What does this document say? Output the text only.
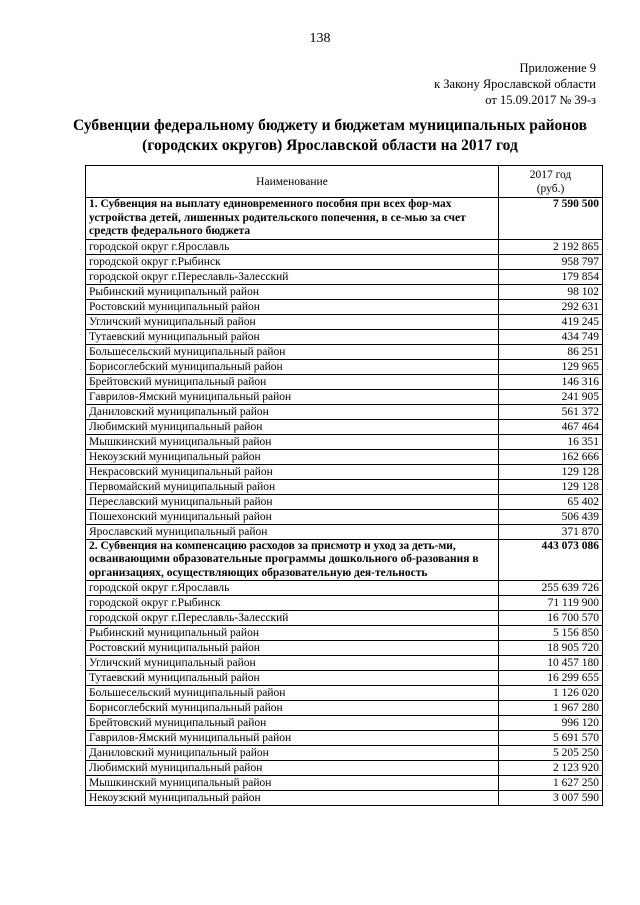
138
Приложение 9
к Закону Ярославской области
от 15.09.2017 № 39-з
Субвенции федеральному бюджету и бюджетам муниципальных районов
(городских округов) Ярославской области на 2017 год
Наименование	2017 год
(руб.)

1. Субвенция на выплату единовременного пособия при всех фор-мах устройства детей, лишенных родительского попечения, в се-мью за счет средств федерального бюджета	7 590 500
городской округ г.Ярославль	2 192 865
городской округ г.Рыбинск	958 797
городской округ г.Переславль-Залесский	179 854
Рыбинский муниципальный район	98 102
Ростовский муниципальный район	292 631
Угличский муниципальный район	419 245
Тутаевский муниципальный район	434 749
Большесельский муниципальный район	86 251
Борисоглебский муниципальный район	129 965
Брейтовский муниципальный район	146 316
Гаврилов-Ямский муниципальный район	241 905
Даниловский муниципальный район	561 372
Любимский муниципальный район	467 464
Мышкинский муниципальный район	16 351
Некоузский муниципальный район	162 666
Некрасовский муниципальный район	129 128
Первомайский муниципальный район	129 128
Переславский муниципальный район	65 402
Пошехонский муниципальный район	506 439
Ярославский муниципальный район	371 870
2. Субвенция на компенсацию расходов за присмотр и уход за деть-ми, осваивающими образовательные программы дошкольного об-разования в организациях, осуществляющих образовательную дея-тельность	443 073 086
городской округ г.Ярославль	255 639 726
городской округ г.Рыбинск	71 119 900
городской округ г.Переславль-Залесский	16 700 570
Рыбинский муниципальный район	5 156 850
Ростовский муниципальный район	18 905 720
Угличский муниципальный район	10 457 180
Тутаевский муниципальный район	16 299 655
Большесельский муниципальный район	1 126 020
Борисоглебский муниципальный район	1 967 280
Брейтовский муниципальный район	996 120
Гаврилов-Ямский муниципальный район	5 691 570
Даниловский муниципальный район	5 205 250
Любимский муниципальный район	2 123 920
Мышкинский муниципальный район	1 627 250
Некоузский муниципальный район	3 007 590
